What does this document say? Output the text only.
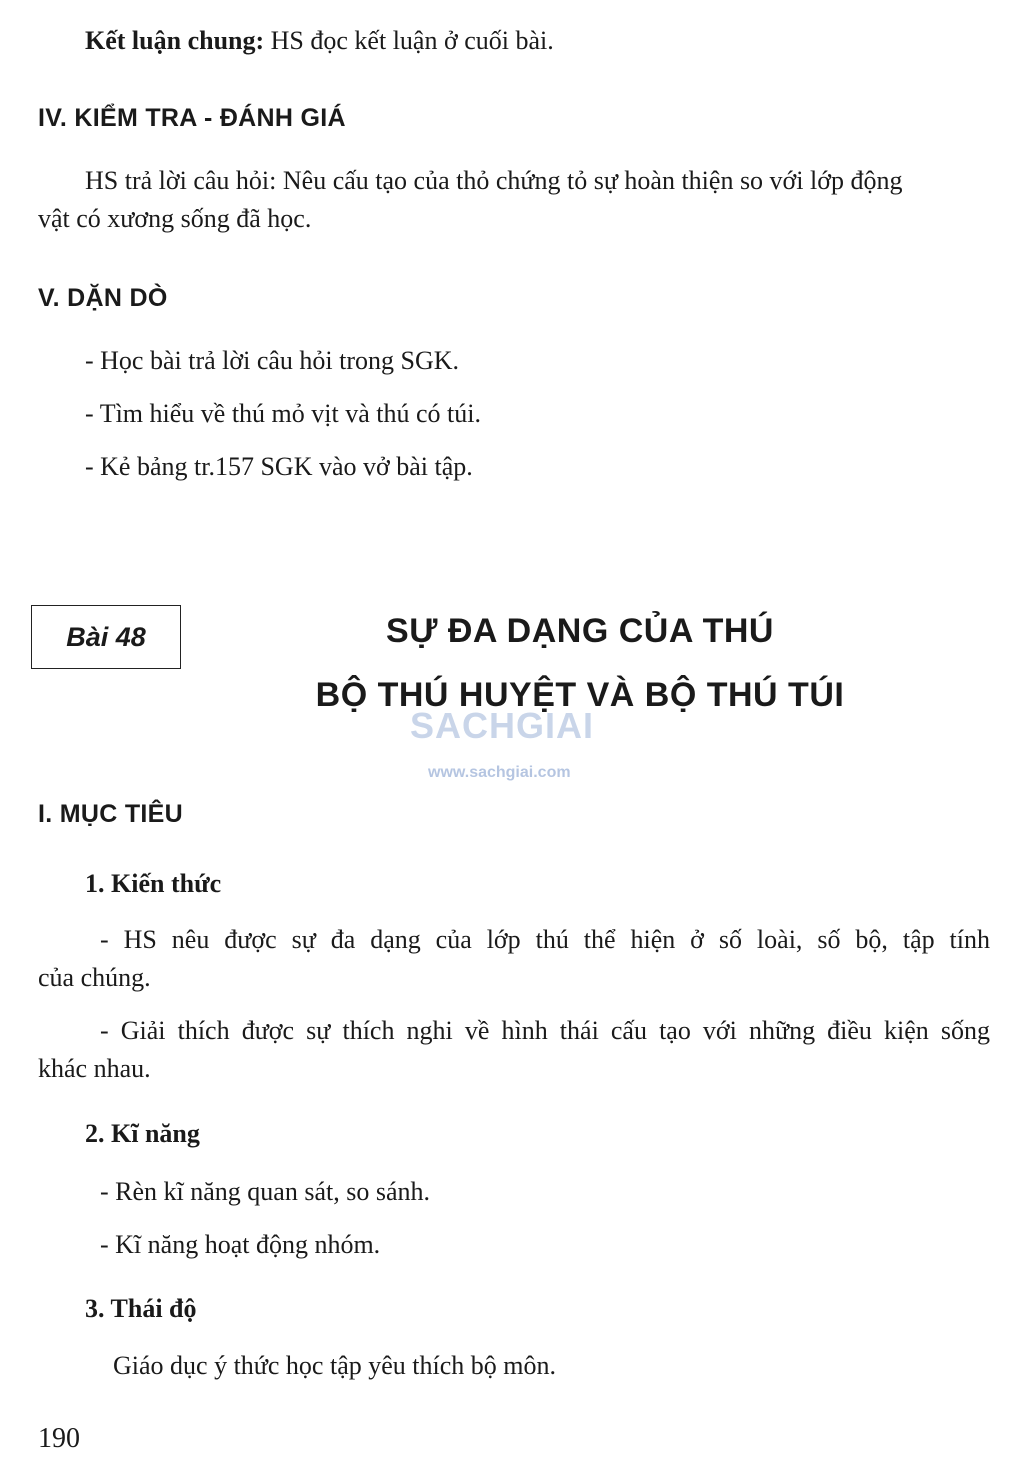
Kết luận chung: HS đọc kết luận ở cuối bài.
IV. KIỂM TRA - ĐÁNH GIÁ
HS trả lời câu hỏi: Nêu cấu tạo của thỏ chứng tỏ sự hoàn thiện so với lớp động
vật có xương sống đã học.
V. DẶN DÒ
- Học bài trả lời câu hỏi trong SGK.
- Tìm hiểu về thú mỏ vịt và thú có túi.
- Kẻ bảng tr.157 SGK vào vở bài tập.
Bài 48	SỰ ĐA DẠNG CỦA THÚ
BỘ THÚ HUYỆT VÀ BỘ THÚ TÚI
SACHGIAI
www.sachgiai.com
I. MỤC TIÊU
1. Kiến thức
- HS nêu được sự đa dạng của lớp thú thể hiện ở số loài, số bộ, tập tính
của chúng.
- Giải thích được sự thích nghi về hình thái cấu tạo với những điều kiện sống
khác nhau.
2. Kĩ năng
- Rèn kĩ năng quan sát, so sánh.
- Kĩ năng hoạt động nhóm.
3. Thái độ
Giáo dục ý thức học tập yêu thích bộ môn.
190
